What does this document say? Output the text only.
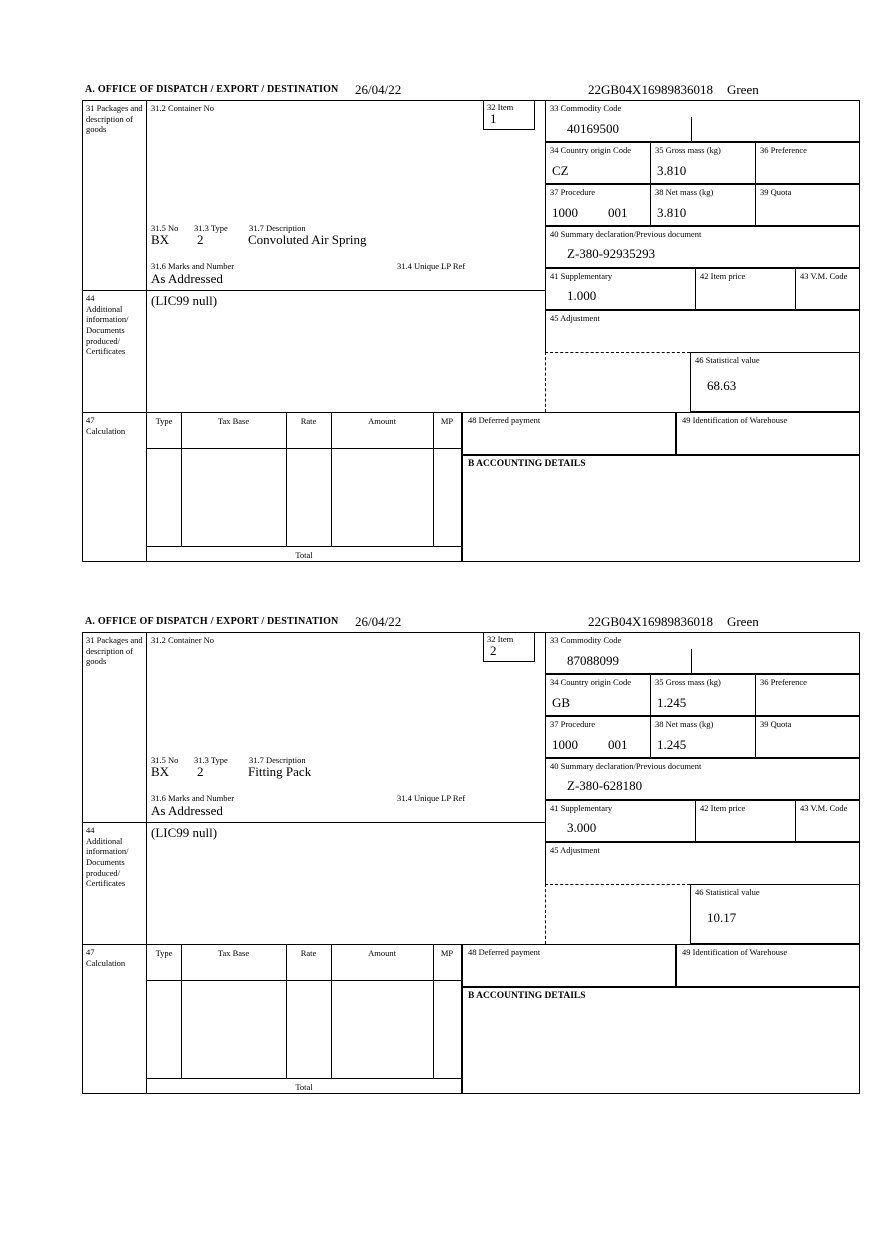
A. OFFICE OF DISPATCH / EXPORT / DESTINATION 26/04/22	22GB04X16989836018 Green
31 Packages and description of goods
44
Additional information/ Documents produced/ Certificates
31.2 Container No
31.5 No 31.3 Type	31.7 Description
BX 2	Convoluted Air Spring
31.6 Marks and Number	31.4 Unique LP Ref
As Addressed
32 Item
1
(LIC99 null)
33 Commodity Code
40169500
34 Country origin Code
CZ
35 Gross mass (kg)
3.810
36 Preference
37 Procedure
1000 001
38 Net mass (kg)
3.810
39 Quota
40 Summary declaration/Previous document
Z-380-92935293
41 Supplementary
1.000
42 Item price	43 V.M. Code
45 Adjustment
46 Statistical value
68.63
47
Calculation
Type	Tax Base	Rate	Amount	MP
Total
48 Deferred payment	49 Identification of Warehouse
B ACCOUNTING DETAILS
A. OFFICE OF DISPATCH / EXPORT / DESTINATION 26/04/22	22GB04X16989836018 Green
31 Packages and description of goods
44
Additional information/ Documents produced/ Certificates
31.2 Container No
31.5 No 31.3 Type	31.7 Description
BX 2	Fitting Pack
31.6 Marks and Number	31.4 Unique LP Ref
As Addressed
32 Item
2
(LIC99 null)
33 Commodity Code
87088099
34 Country origin Code
GB
35 Gross mass (kg)
1.245
36 Preference
37 Procedure
1000 001
38 Net mass (kg)
1.245
39 Quota
40 Summary declaration/Previous document
Z-380-628180
41 Supplementary
3.000
42 Item price	43 V.M. Code
45 Adjustment
46 Statistical value
10.17
47
Calculation
Type	Tax Base	Rate	Amount	MP
Total
48 Deferred payment	49 Identification of Warehouse
B ACCOUNTING DETAILS
